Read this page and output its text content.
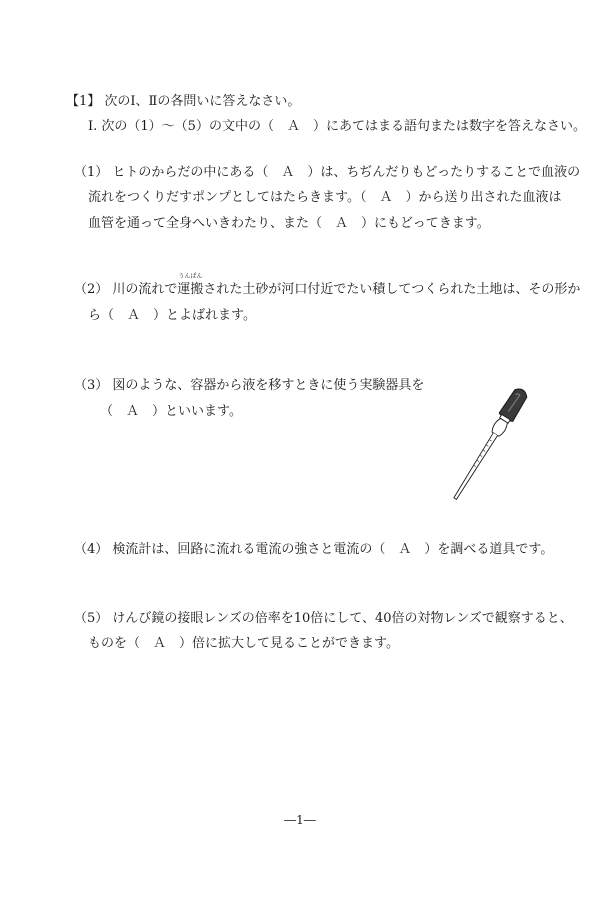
【1】 次のⅠ、Ⅱの各問いに答えなさい。
Ⅰ. 次の（1）～（5）の文中の（　Ａ　）にあてはまる語句または数字を答えなさい。
（1） ヒトのからだの中にある（　Ａ　）は、ちぢんだりもどったりすることで血液の
流れをつくりだすポンプとしてはたらきます。（　Ａ　）から送り出された血液は
血管を通って全身へいきわたり、また（　Ａ　）にもどってきます。
（2） 川の流れで
うんぱん
運搬された土砂が河口付近でたい積してつくられた土地は、その形か
ら（　Ａ　）とよばれます。
（3） 図のような、容器から液を移すときに使う実験器具を
（　Ａ　）といいます。
（4） 検流計は、回路に流れる電流の強さと電流の（　Ａ　）を調べる道具です。
（5） けんび鏡の接眼レンズの倍率を10倍にして、40倍の対物レンズで観察すると、
ものを（　Ａ　）倍に拡大して見ることができます。
―1―
